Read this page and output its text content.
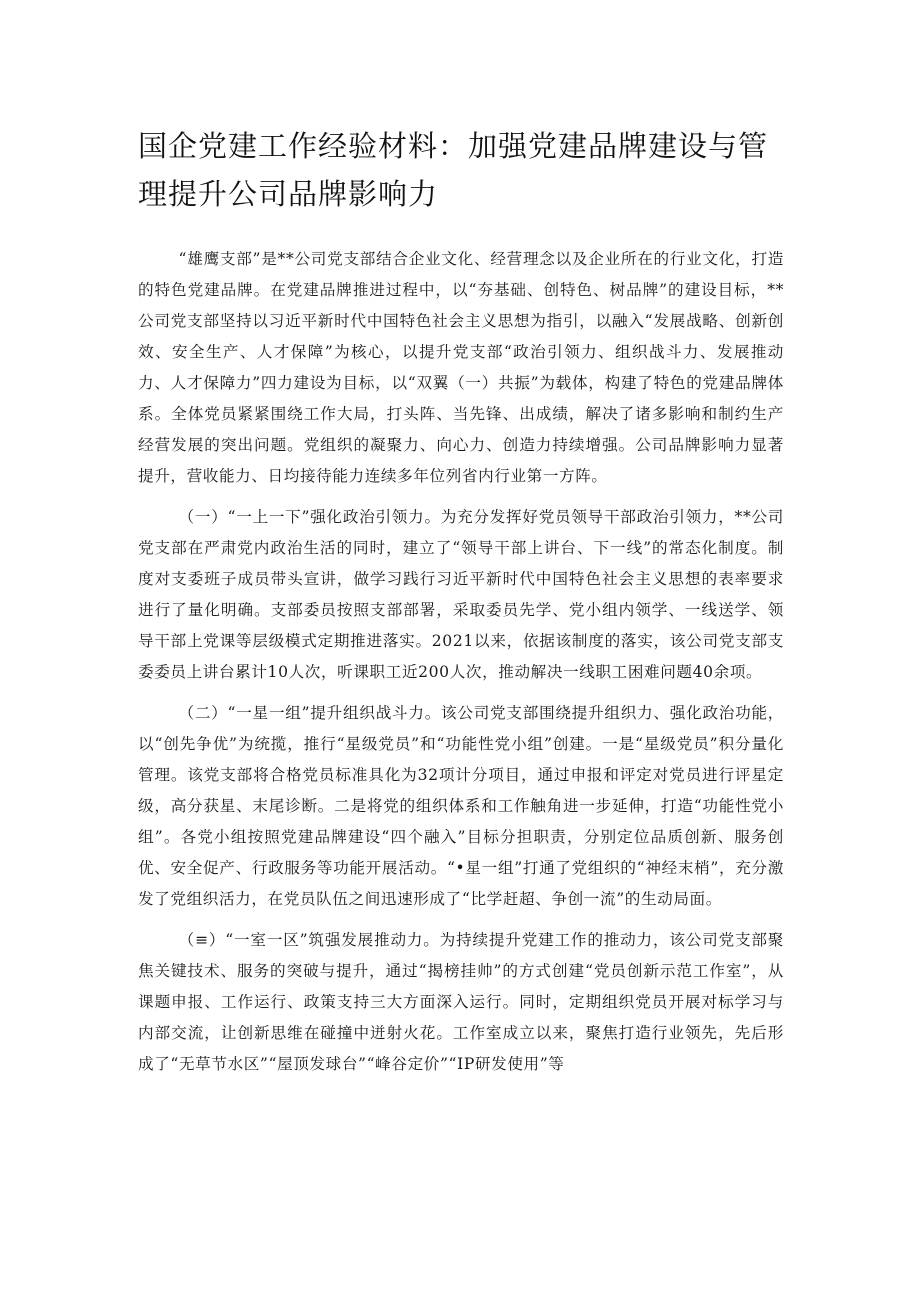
国企党建工作经验材料：加强党建品牌建设与管理提升公司品牌影响力

“雄鹰支部”是**公司党支部结合企业文化、经营理念以及企业所在的行业文化，打造的特色党建品牌。在党建品牌推进过程中，以“夯基础、创特色、树品牌”的建设目标，**公司党支部坚持以习近平新时代中国特色社会主义思想为指引，以融入“发展战略、创新创效、安全生产、人才保障”为核心，以提升党支部“政治引领力、组织战斗力、发展推动力、人才保障力”四力建设为目标，以“双翼（一）共振”为载体，构建了特色的党建品牌体系。全体党员紧紧围绕工作大局，打头阵、当先锋、出成绩，解决了诸多影响和制约生产经营发展的突出问题。党组织的凝聚力、向心力、创造力持续增强。公司品牌影响力显著提升，营收能力、日均接待能力连续多年位列省内行业第一方阵。

（一）“一上一下”强化政治引领力。为充分发挥好党员领导干部政治引领力，**公司党支部在严肃党内政治生活的同时，建立了“领导干部上讲台、下一线”的常态化制度。制度对支委班子成员带头宣讲，做学习践行习近平新时代中国特色社会主义思想的表率要求进行了量化明确。支部委员按照支部部署，采取委员先学、党小组内领学、一线送学、领导干部上党课等层级模式定期推进落实。2021以来，依据该制度的落实，该公司党支部支委委员上讲台累计10人次，听课职工近200人次，推动解决一线职工困难问题40余项。

（二）“一星一组”提升组织战斗力。该公司党支部围绕提升组织力、强化政治功能，以“创先争优”为统揽，推行“星级党员”和“功能性党小组”创建。一是“星级党员”积分量化管理。该党支部将合格党员标准具化为32项计分项目，通过申报和评定对党员进行评星定级，高分获星、末尾诊断。二是将党的组织体系和工作触角进一步延伸，打造“功能性党小组”。各党小组按照党建品牌建设“四个融入”目标分担职责，分别定位品质创新、服务创优、安全促产、行政服务等功能开展活动。“•星一组”打通了党组织的“神经末梢”，充分激发了党组织活力，在党员队伍之间迅速形成了“比学赶超、争创一流”的生动局面。

（≡）“一室一区”筑强发展推动力。为持续提升党建工作的推动力，该公司党支部聚焦关键技术、服务的突破与提升，通过“揭榜挂帅”的方式创建“党员创新示范工作室”，从课题申报、工作运行、政策支持三大方面深入运行。同时，定期组织党员开展对标学习与内部交流，让创新思维在碰撞中迸射火花。工作室成立以来，聚焦打造行业领先，先后形成了“无草节水区”“屋顶发球台”“峰谷定价”“IP研发使用”等
